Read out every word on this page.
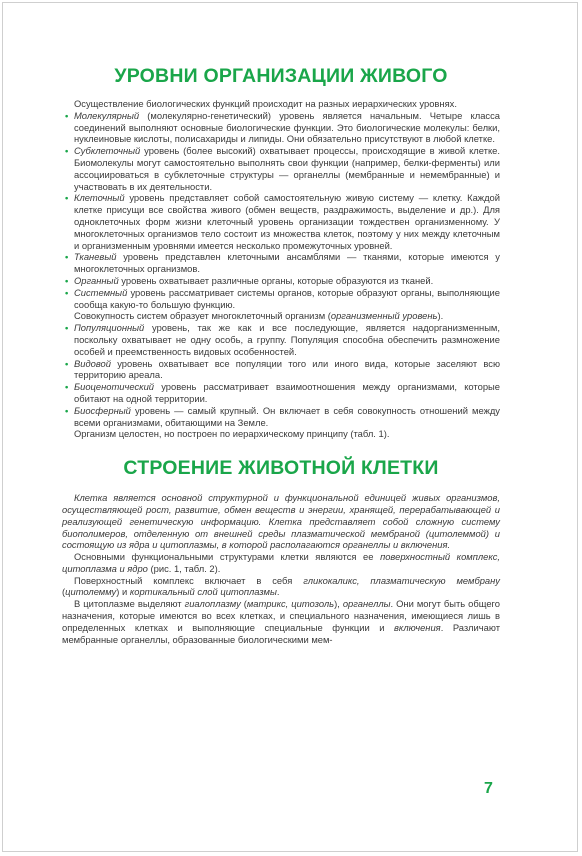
УРОВНИ ОРГАНИЗАЦИИ ЖИВОГО

Осуществление биологических функций происходит на разных иерархических уровнях.

• Молекулярный (молекулярно-генетический) уровень является начальным. Четыре класса соединений выполняют основные биологические функции. Это биологические молекулы: белки, нуклеиновые кислоты, полисахариды и липиды. Они обязательно присутствуют в любой клетке.
• Субклеточный уровень (более высокий) охватывает процессы, происходящие в живой клетке. Биомолекулы могут самостоятельно выполнять свои функции (например, белки-ферменты) или ассоциироваться в субклеточные структуры — органеллы (мембранные и немембранные) и участвовать в их деятельности.
• Клеточный уровень представляет собой самостоятельную живую систему — клетку. Каждой клетке присущи все свойства живого (обмен веществ, раздражимость, выделение и др.). Для одноклеточных форм жизни клеточный уровень организации тождествен организменному. У многоклеточных организмов тело состоит из множества клеток, поэтому у них между клеточным и организменным уровнями имеется несколько промежуточных уровней.
• Тканевый уровень представлен клеточными ансамблями — тканями, которые имеются у многоклеточных организмов.
• Органный уровень охватывает различные органы, которые образуются из тканей.
• Системный уровень рассматривает системы органов, которые образуют органы, выполняющие сообща какую-то большую функцию.

Совокупность систем образует многоклеточный организм (организменный уровень).

• Популяционный уровень, так же как и все последующие, является надорганизменным, поскольку охватывает не одну особь, а группу. Популяция способна обеспечить размножение особей и преемственность видовых особенностей.
• Видовой уровень охватывает все популяции того или иного вида, которые заселяют всю территорию ареала.
• Биоценотический уровень рассматривает взаимоотношения между организмами, которые обитают на одной территории.
• Биосферный уровень — самый крупный. Он включает в себя совокупность отношений между всеми организмами, обитающими на Земле.

Организм целостен, но построен по иерархическому принципу (табл. 1).

СТРОЕНИЕ ЖИВОТНОЙ КЛЕТКИ

Клетка является основной структурной и функциональной единицей живых организмов, осуществляющей рост, развитие, обмен веществ и энергии, хранящей, перерабатывающей и реализующей генетическую информацию. Клетка представляет собой сложную систему биополимеров, отделенную от внешней среды плазматической мембраной (цитолеммой) и состоящую из ядра и цитоплазмы, в которой располагаются органеллы и включения.

Основными функциональными структурами клетки являются ее поверхностный комплекс, цитоплазма и ядро (рис. 1, табл. 2).

Поверхностный комплекс включает в себя гликокаликс, плазматическую мембрану (цитолемму) и кортикальный слой цитоплазмы.

В цитоплазме выделяют гиалоплазму (матрикс, цитозоль), органеллы. Они могут быть общего назначения, которые имеются во всех клетках, и специального назначения, имеющиеся лишь в определенных клетках и выполняющие специальные функции и включения. Различают мембранные органеллы, образованные биологическими мем-

7
